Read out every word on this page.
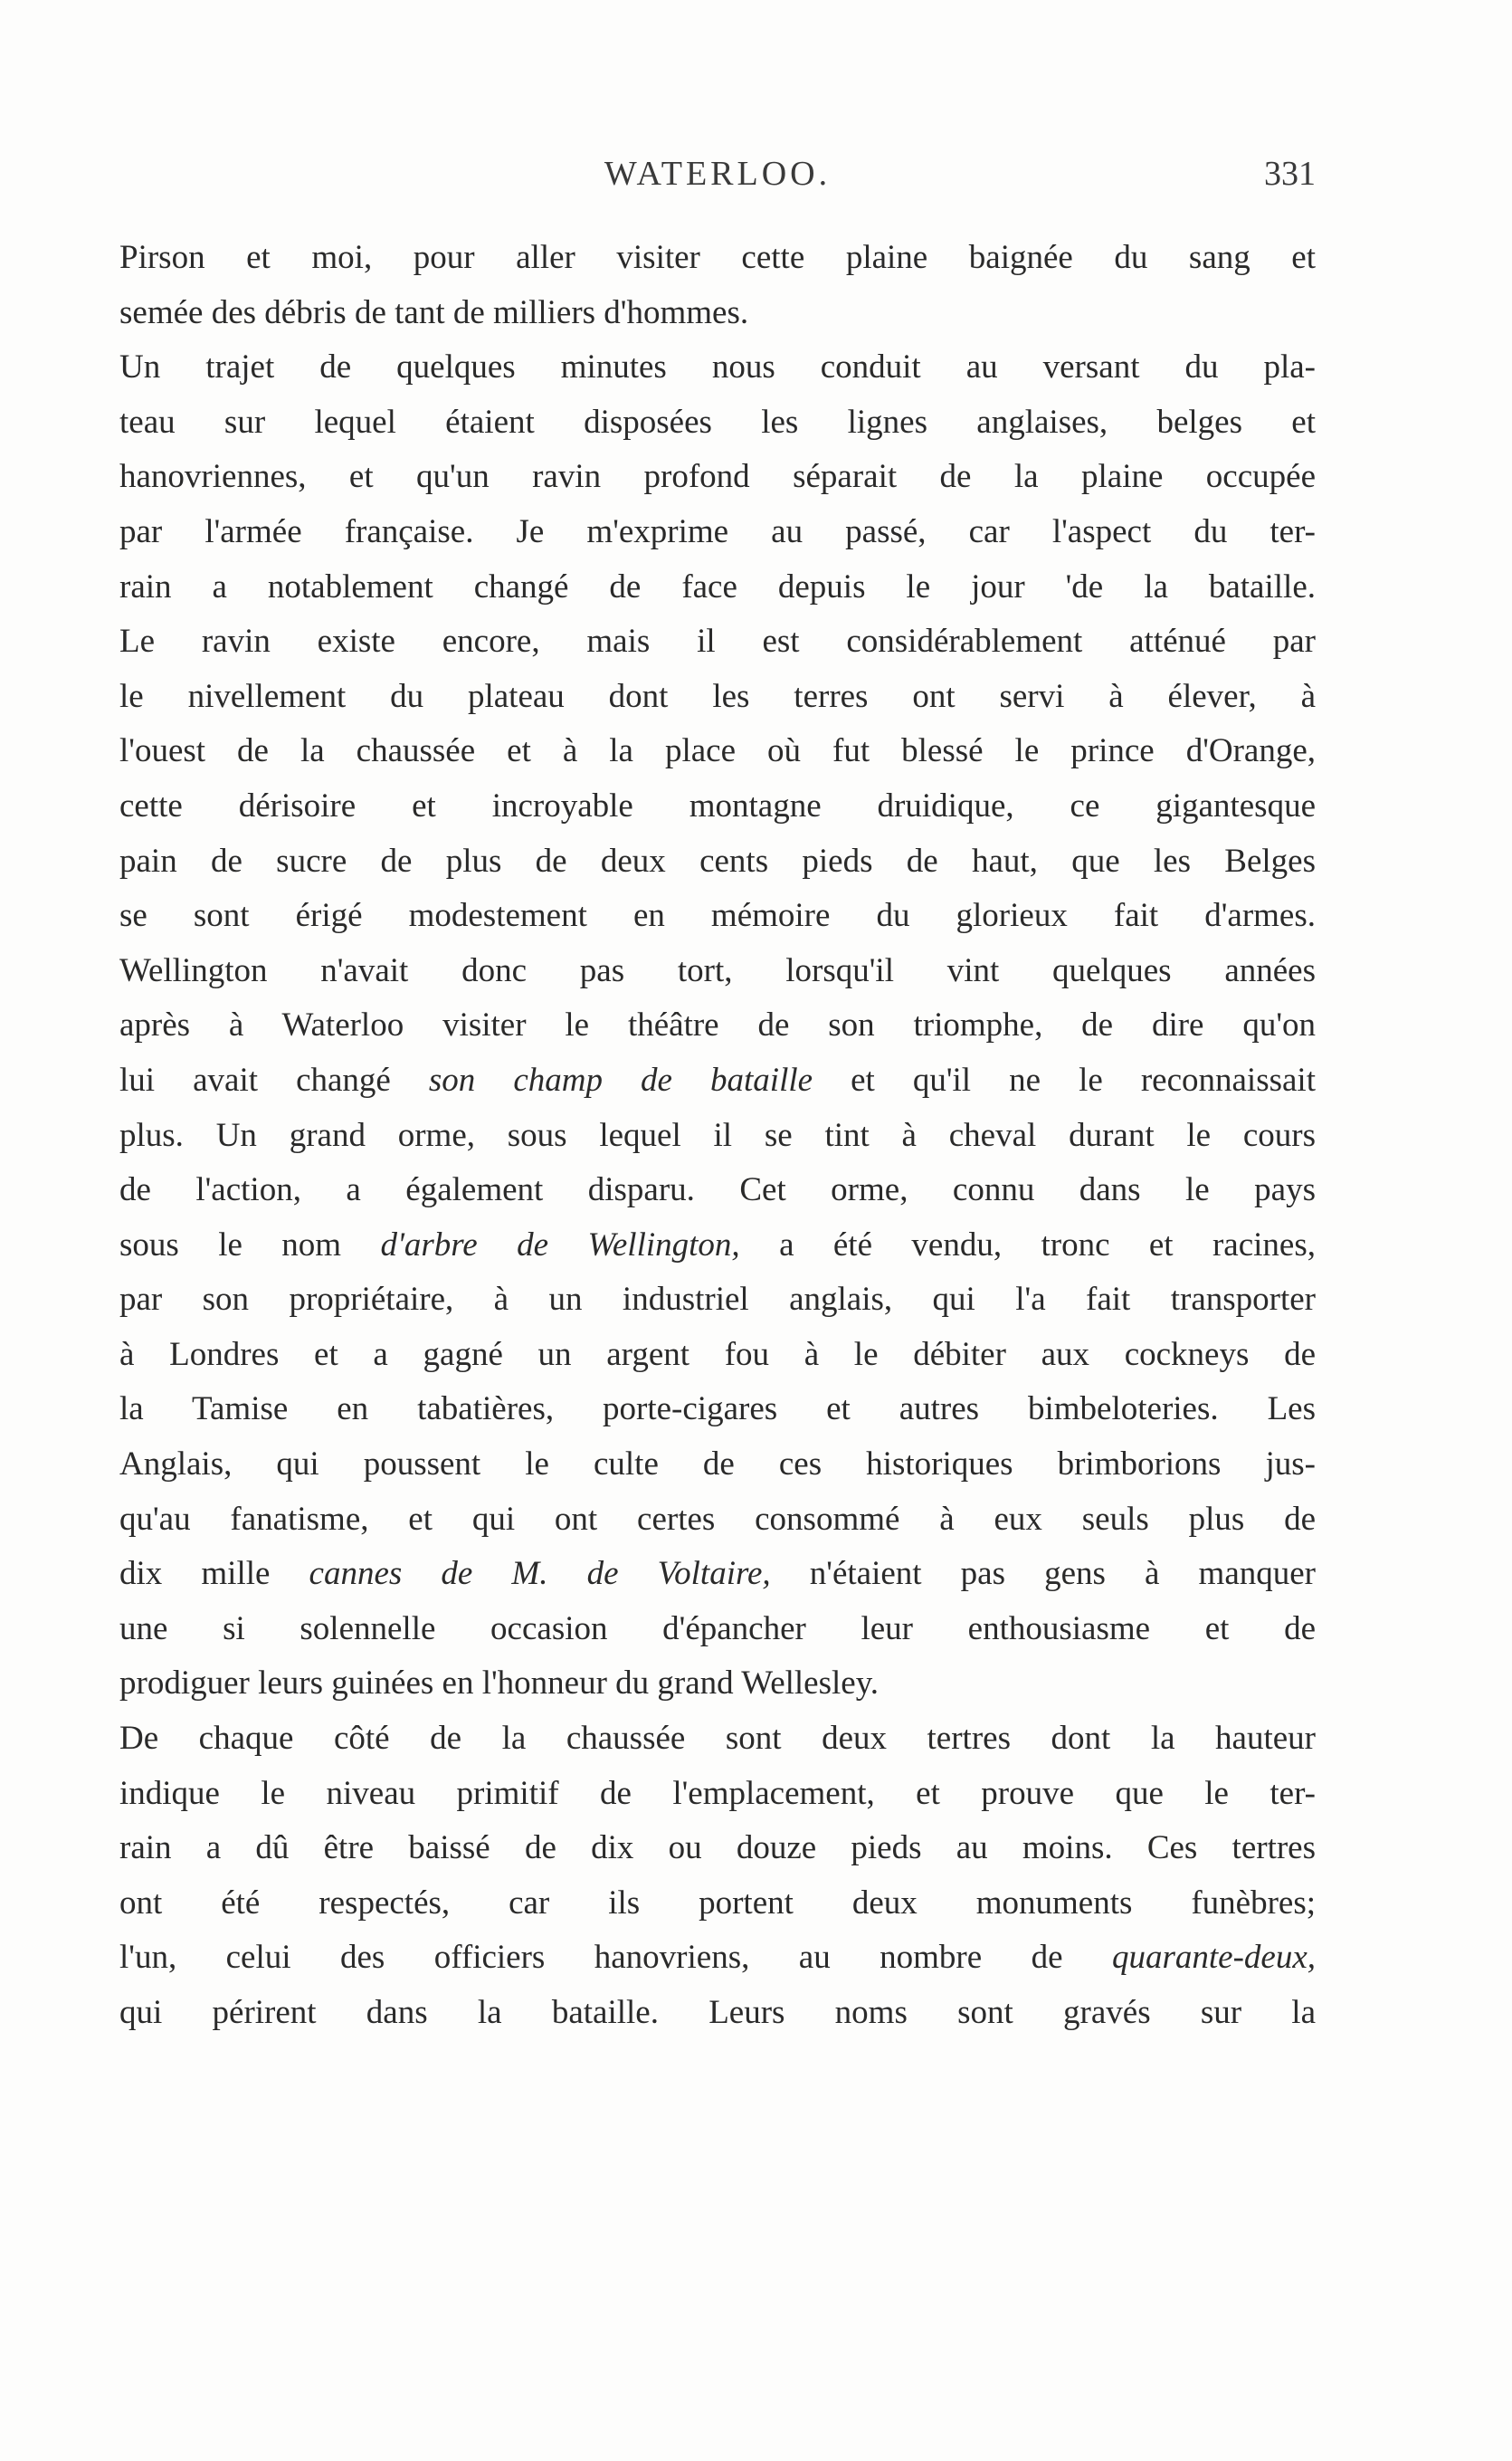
WATERLOO.	331
Pirson et moi, pour aller visiter cette plaine baignée du sang et
semée des débris de tant de milliers d'hommes.
Un trajet de quelques minutes nous conduit au versant du pla-
teau sur lequel étaient disposées les lignes anglaises, belges et
hanovriennes, et qu'un ravin profond séparait de la plaine occupée
par l'armée française. Je m'exprime au passé, car l'aspect du ter-
rain a notablement changé de face depuis le jour 'de la bataille.
Le ravin existe encore, mais il est considérablement atténué par
le nivellement du plateau dont les terres ont servi à élever, à
l'ouest de la chaussée et à la place où fut blessé le prince d'Orange,
cette dérisoire et incroyable montagne druidique, ce gigantesque
pain de sucre de plus de deux cents pieds de haut, que les Belges
se sont érigé modestement en mémoire du glorieux fait d'armes.
Wellington n'avait donc pas tort, lorsqu'il vint quelques années
après à Waterloo visiter le théâtre de son triomphe, de dire qu'on
lui avait changé son champ de bataille et qu'il ne le reconnaissait
plus. Un grand orme, sous lequel il se tint à cheval durant le cours
de l'action, a également disparu. Cet orme, connu dans le pays
sous le nom d'arbre de Wellington, a été vendu, tronc et racines,
par son propriétaire, à un industriel anglais, qui l'a fait transporter
à Londres et a gagné un argent fou à le débiter aux cockneys de
la Tamise en tabatières, porte-cigares et autres bimbeloteries. Les
Anglais, qui poussent le culte de ces historiques brimborions jus-
qu'au fanatisme, et qui ont certes consommé à eux seuls plus de
dix mille cannes de M. de Voltaire, n'étaient pas gens à manquer
une si solennelle occasion d'épancher leur enthousiasme et de
prodiguer leurs guinées en l'honneur du grand Wellesley.
De chaque côté de la chaussée sont deux tertres dont la hauteur
indique le niveau primitif de l'emplacement, et prouve que le ter-
rain a dû être baissé de dix ou douze pieds au moins. Ces tertres
ont été respectés, car ils portent deux monuments funèbres;
l'un, celui des officiers hanovriens, au nombre de quarante-deux,
qui périrent dans la bataille. Leurs noms sont gravés sur la
